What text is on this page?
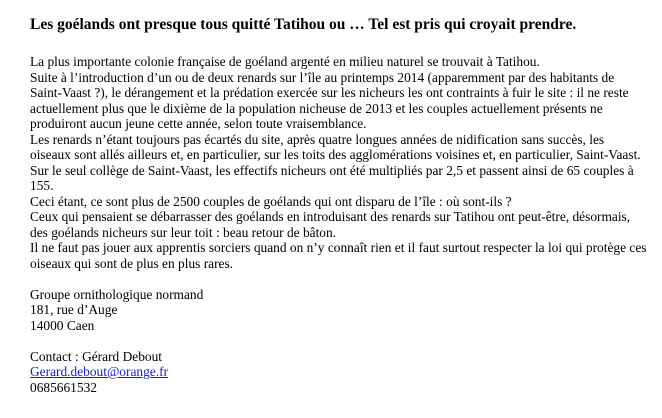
Les goélands ont presque tous quitté Tatihou ou … Tel est pris qui croyait prendre.

La plus importante colonie française de goéland argenté en milieu naturel se trouvait à Tatihou.

Suite à l’introduction d’un ou de deux renards sur l’île au printemps 2014 (apparemment par des habitants de Saint-Vaast ?), le dérangement et la prédation exercée sur les nicheurs les ont contraints à fuir le site : il ne reste actuellement plus que le dixième de la population nicheuse de 2013 et les couples actuellement présents ne produiront aucun jeune cette année, selon toute vraisemblance.

Les renards n’étant toujours pas écartés du site, après quatre longues années de nidification sans succès, les oiseaux sont allés ailleurs et, en particulier, sur les toits des agglomérations voisines et, en particulier, Saint-Vaast. Sur le seul collège de Saint-Vaast, les effectifs nicheurs ont été multipliés par 2,5 et passent ainsi de 65 couples à 155.

Ceci étant, ce sont plus de 2500 couples de goélands qui ont disparu de l’île : où sont-ils ?

Ceux qui pensaient se débarrasser des goélands en introduisant des renards sur Tatihou ont peut-être, désormais, des goélands nicheurs sur leur toit : beau retour de bâton.

Il ne faut pas jouer aux apprentis sorciers quand on n’y connaît rien et il faut surtout respecter la loi qui protège ces oiseaux qui sont de plus en plus rares.

Groupe ornithologique normand

181, rue d’Auge

14000 Caen

Contact : Gérard Debout

Gerard.debout@orange.fr

0685661532
